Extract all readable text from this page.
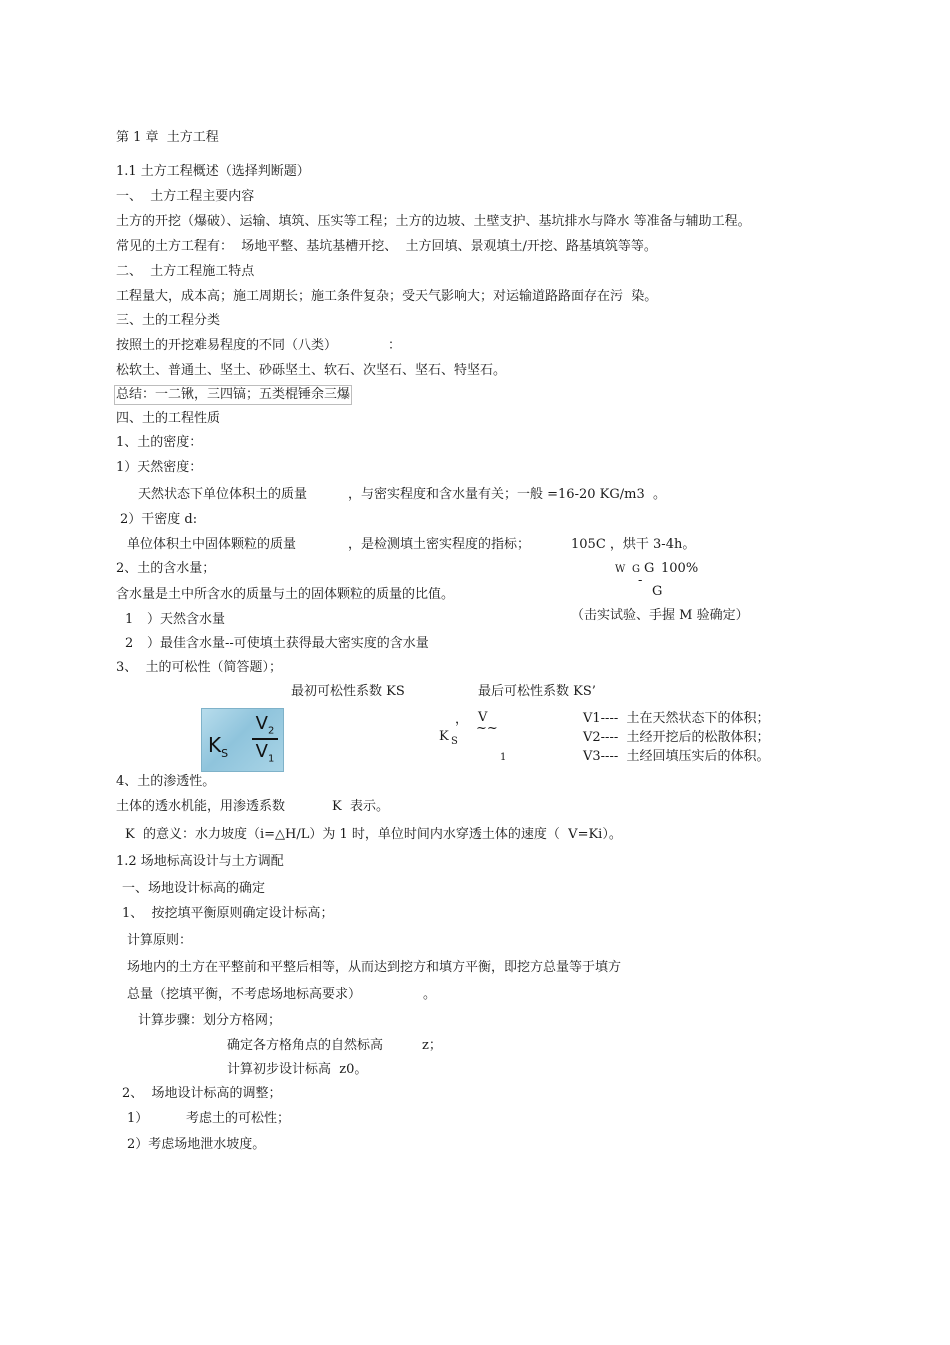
第 1 章  土方工程
1.1 土方工程概述（选择判断题）
一、  土方工程主要内容
土方的开挖（爆破）、运输、填筑、压实等工程；土方的边坡、土壁支护、基坑排水与降水 等准备与辅助工程。
常见的土方工程有：  场地平整、基坑基槽开挖、  土方回填、景观填土/开挖、路基填筑等等。
二、  土方工程施工特点
工程量大，成本高；施工周期长；施工条件复杂；受天气影响大；对运输道路路面存在污  染。
三、土的工程分类
按照土的开挖难易程度的不同（八类）	：
松软土、普通土、坚土、砂砾坚土、软石、次坚石、坚石、特坚石。
总结：一二锹，三四镐；五类棍锤余三爆
四、土的工程性质
1、土的密度：
1）天然密度：
天然状态下单位体积土的质量	，与密实程度和含水量有关；一般 =16-20 KG/m3  。
2）干密度 d:
单位体积土中固体颗粒的质量	，是检测填土密实程度的指标；	105C ，烘干 3-4h。
2、土的含水量；	W G G 100%
-
G
含水量是土中所含水的质量与土的固体颗粒的质量的比值。
1 ）天然含水量	（击实试验、手握 M 验确定）
2 ）最佳含水量--可使填土获得最大密实度的含水量
3、  土的可松性（简答题）；
最初可松性系数 KS	最后可松性系数 KS’
$K_S$
$V_2$
$V_1$
， V
K S
~~
1
V1----  土在天然状态下的体积；
V2----  土经开挖后的松散体积；
V3----  土经回填压实后的体积。
4、土的渗透性。
土体的透水机能，用渗透系数	K  表示。
K  的意义：水力坡度（i=△H/L）为 1 时，单位时间内水穿透土体的速度（  V=Ki）。
1.2 场地标高设计与土方调配
一、场地设计标高的确定
1、  按挖填平衡原则确定设计标高；
计算原则：
场地内的土方在平整前和平整后相等，从而达到挖方和填方平衡，即挖方总量等于填方
总量（挖填平衡，不考虑场地标高要求）	。
计算步骤：划分方格网；
确定各方格角点的自然标高	z；
计算初步设计标高  z0。
2、  场地设计标高的调整；
1）	考虑土的可松性；
2）考虑场地泄水坡度。
